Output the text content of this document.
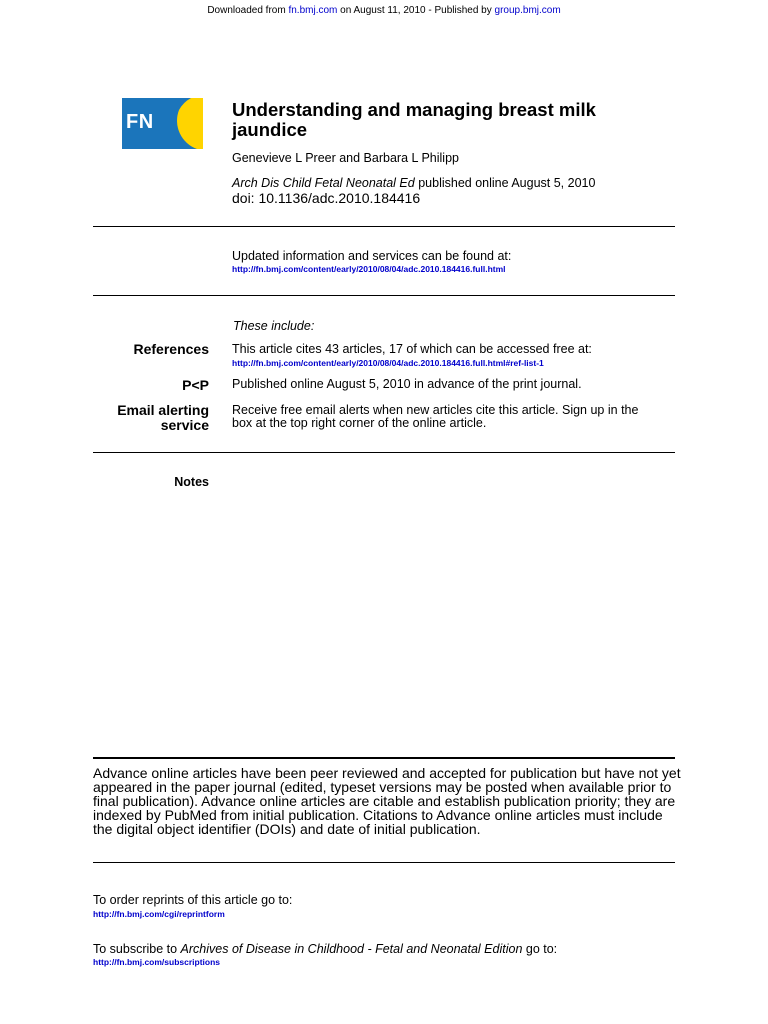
Downloaded from fn.bmj.com on August 11, 2010 - Published by group.bmj.com
FN
Understanding and managing breast milk jaundice
Genevieve L Preer and Barbara L Philipp
Arch Dis Child Fetal Neonatal Ed published online August 5, 2010
doi: 10.1136/adc.2010.184416
Updated information and services can be found at:
http://fn.bmj.com/content/early/2010/08/04/adc.2010.184416.full.html
These include:
References This article cites 43 articles, 17 of which can be accessed free at:
http://fn.bmj.com/content/early/2010/08/04/adc.2010.184416.full.html#ref-list-1
P<P Published online August 5, 2010 in advance of the print journal.
Email alerting
service
Receive free email alerts when new articles cite this article. Sign up in the box at the top right corner of the online article.
Notes
Advance online articles have been peer reviewed and accepted for publication but have not yet appeared in the paper journal (edited, typeset versions may be posted when available prior to final publication). Advance online articles are citable and establish publication priority; they are indexed by PubMed from initial publication. Citations to Advance online articles must include the digital object identifier (DOIs) and date of initial publication.
To order reprints of this article go to:
http://fn.bmj.com/cgi/reprintform
To subscribe to Archives of Disease in Childhood - Fetal and Neonatal Edition go to:
http://fn.bmj.com/subscriptions
